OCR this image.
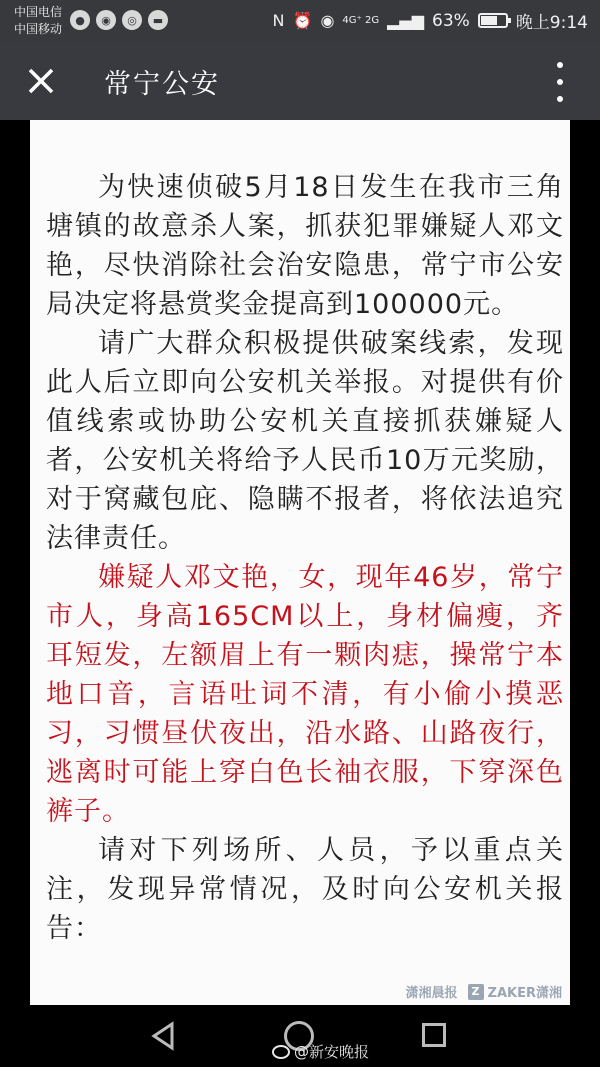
中国电信
中国移动
●	◉	◎	▬	N ⏰ ◉ 4G⁺ 2G ▂▄▆ 63%	晚上9:14
常宁公安

为快速侦破5月18日发生在我市三角塘镇的故意杀人案，抓获犯罪嫌疑人邓文艳，尽快消除社会治安隐患，常宁市公安局决定将悬赏奖金提高到100000元。

请广大群众积极提供破案线索，发现此人后立即向公安机关举报。对提供有价值线索或协助公安机关直接抓获嫌疑人者，公安机关将给予人民币10万元奖励，对于窝藏包庇、隐瞒不报者，将依法追究法律责任。

嫌疑人邓文艳，女，现年46岁，常宁市人，身高165CM以上，身材偏瘦，齐耳短发，左额眉上有一颗肉痣，操常宁本地口音，言语吐词不清，有小偷小摸恶习，习惯昼伏夜出，沿水路、山路夜行，逃离时可能上穿白色长袖衣服，下穿深色裤子。

请对下列场所、人员，予以重点关注，发现异常情况，及时向公安机关报告：

潇湘晨报	Z ZAKER潇湘
@新安晚报
